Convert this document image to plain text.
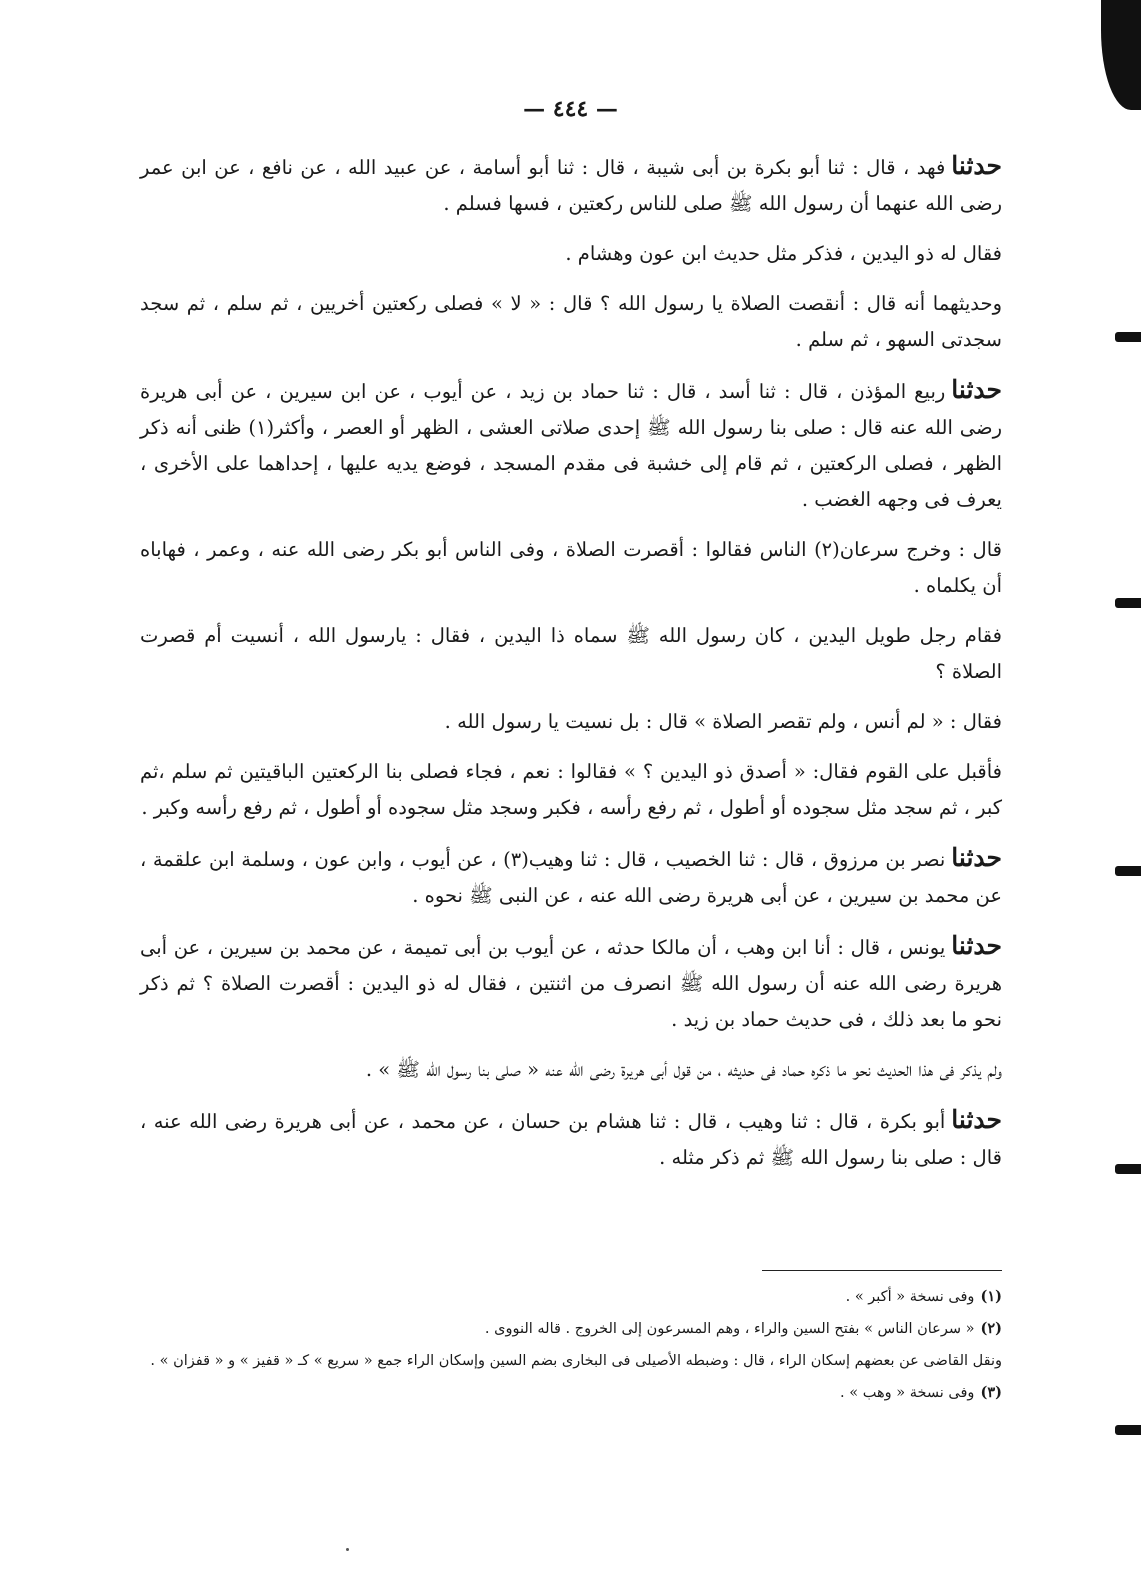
— ٤٤٤ —

حدثنافهد ، قال : ثنا أبو بكرة بن أبى شيبة ، قال : ثنا أبو أسامة ، عن عبيد الله ، عن نافع ، عن ابن عمر رضى الله عنهما أن رسول الله ﷺ صلى للناس ركعتين ، فسها فسلم .

فقال له ذو اليدين ، فذكر مثل حديث ابن عون وهشام .

وحديثهما أنه قال : أنقصت الصلاة يا رسول الله ؟ قال : « لا » فصلى ركعتين أخريين ، ثم سلم ، ثم سجد سجدتى السهو ، ثم سلم .

حدثناربيع المؤذن ، قال : ثنا أسد ، قال : ثنا حماد بن زيد ، عن أيوب ، عن ابن سيرين ، عن أبى هريرة رضى الله عنه قال : صلى بنا رسول الله ﷺ إحدى صلاتى العشى ، الظهر أو العصر ، وأكثر(١) ظنى أنه ذكر الظهر ، فصلى الركعتين ، ثم قام إلى خشبة فى مقدم المسجد ، فوضع يديه عليها ، إحداهما على الأخرى ، يعرف فى وجهه الغضب .

قال : وخرج سرعان(٢) الناس فقالوا : أقصرت الصلاة ، وفى الناس أبو بكر رضى الله عنه ، وعمر ، فهاباه أن يكلماه .

فقام رجل طويل اليدين ، كان رسول الله ﷺ سماه ذا اليدين ، فقال : يارسول الله ، أنسيت أم قصرت الصلاة ؟

فقال : « لم أنس ، ولم تقصر الصلاة » قال : بل نسيت يا رسول الله .

فأقبل على القوم فقال: « أصدق ذو اليدين ؟ » فقالوا : نعم ، فجاء فصلى بنا الركعتين الباقيتين ثم سلم ،ثم كبر ، ثم سجد مثل سجوده أو أطول ، ثم رفع رأسه ، فكبر وسجد مثل سجوده أو أطول ، ثم رفع رأسه وكبر .

حدثنانصر بن مرزوق ، قال : ثنا الخصيب ، قال : ثنا وهيب(٣) ، عن أيوب ، وابن عون ، وسلمة ابن علقمة ، عن محمد بن سيرين ، عن أبى هريرة رضى الله عنه ، عن النبى ﷺ نحوه .

حدثنايونس ، قال : أنا ابن وهب ، أن مالكا حدثه ، عن أيوب بن أبى تميمة ، عن محمد بن سيرين ، عن أبى هريرة رضى الله عنه أن رسول الله ﷺ انصرف من اثنتين ، فقال له ذو اليدين : أقصرت الصلاة ؟ ثم ذكر نحو ما بعد ذلك ، فى حديث حماد بن زيد .

ولم يذكر فى هذا الحديث نحو ما ذكره حماد فى حديثه ، من قول أبى هريرة رضى الله عنه « صلى بنا رسول الله ﷺ » .

حدثناأبو بكرة ، قال : ثنا وهيب ، قال : ثنا هشام بن حسان ، عن محمد ، عن أبى هريرة رضى الله عنه ، قال : صلى بنا رسول الله ﷺ ثم ذكر مثله .

(١)وفى نسخة « أكبر » .

(٢)« سرعان الناس » بفتح السين والراء ، وهم المسرعون إلى الخروج . قاله النووى .

ونقل القاضى عن بعضهم إسكان الراء ، قال : وضبطه الأصيلى فى البخارى بضم السين وإسكان الراء جمع « سريع » كـ « قفيز » و « قفزان » .

(٣)وفى نسخة « وهب » .
